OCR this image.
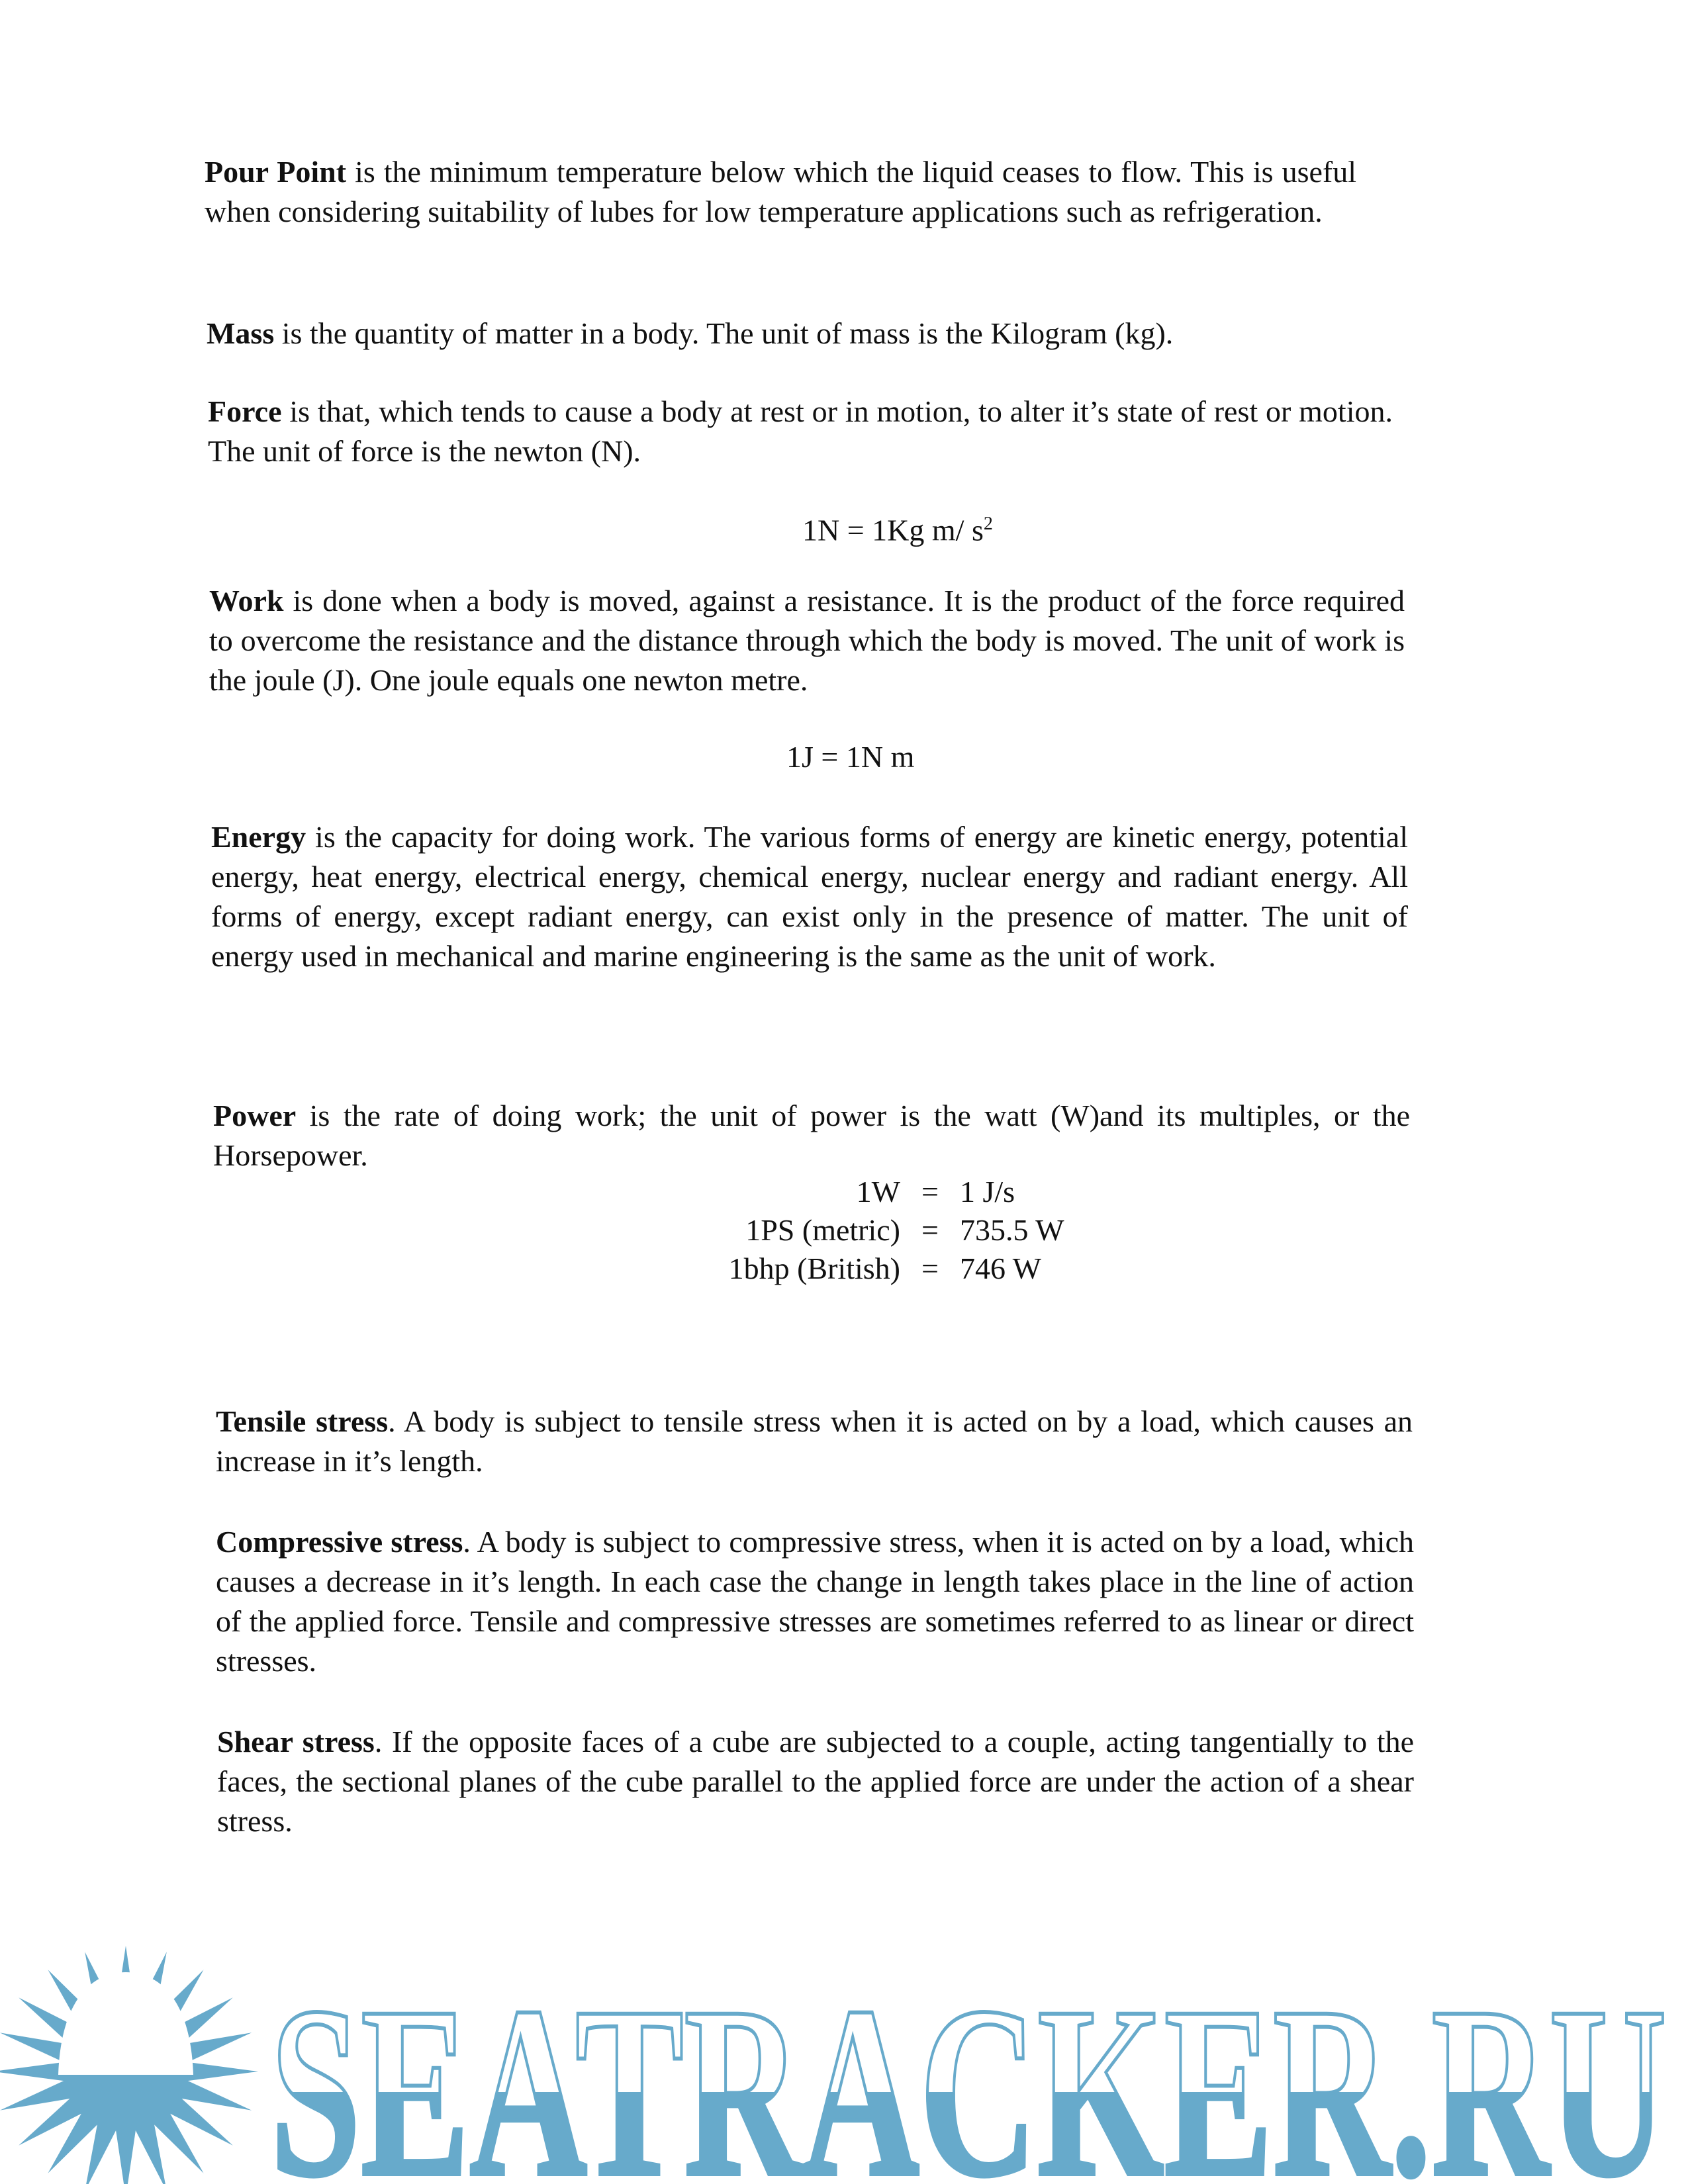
Pour Point is the minimum temperature below which the liquid ceases to flow. This is useful when considering suitability of lubes for low temperature applications such as refrigeration.
Mass is the quantity of matter in a body. The unit of mass is the Kilogram (kg).
Force is that, which tends to cause a body at rest or in motion, to alter it’s state of rest or motion. The unit of force is the newton (N).
1N = 1Kg m/ $s^2$
Work is done when a body is moved, against a resistance. It is the product of the force required to overcome the resistance and the distance through which the body is moved. The unit of work is the joule (J). One joule equals one newton metre.
1J = 1N m
Energy is the capacity for doing work. The various forms of energy are kinetic energy, potential energy, heat energy, electrical energy, chemical energy, nuclear energy and radiant energy. All forms of energy, except radiant energy, can exist only in the presence of matter. The unit of energy used in mechanical and marine engineering is the same as the unit of work.
Power is the rate of doing work; the unit of power is the watt (W)and its multiples, or the Horsepower.
1W = 1 J/s
1PS (metric) = 735.5 W
1bhp (British) = 746 W
Tensile stress. A body is subject to tensile stress when it is acted on by a load, which causes an increase in it’s length.
Compressive stress. A body is subject to compressive stress, when it is acted on by a load, which causes a decrease in it’s length. In each case the change in length takes place in the line of action of the applied force. Tensile and compressive stresses are sometimes referred to as linear or direct stresses.
Shear stress. If the opposite faces of a cube are subjected to a couple, acting tangentially to the faces, the sectional planes of the cube parallel to the applied force are under the action of a shear stress.
SEATRACKER.RU
